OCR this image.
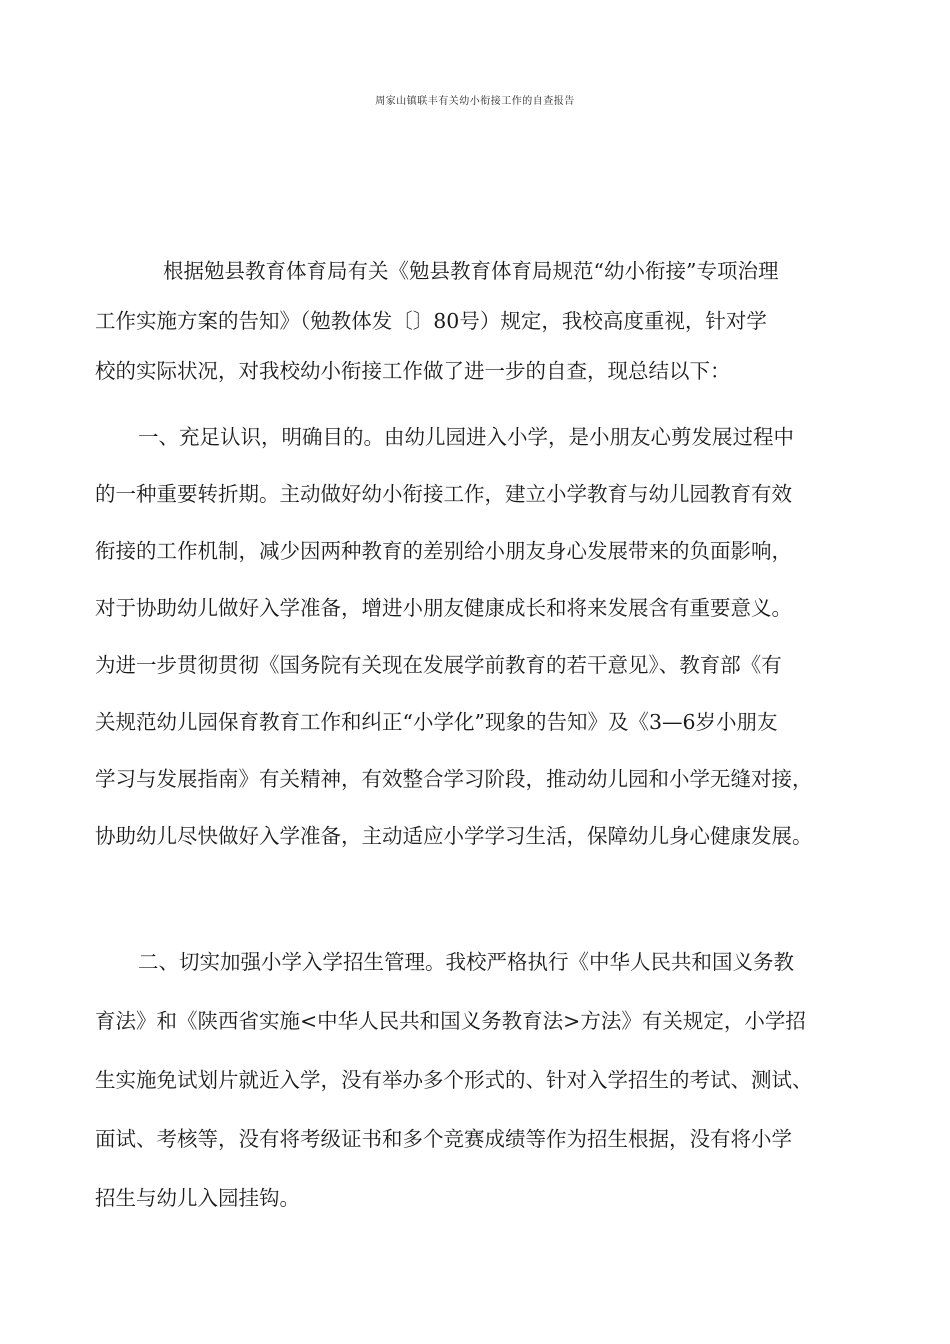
周家山镇联丰有关幼小衔接工作的自查报告
根据勉县教育体育局有关《勉县教育体育局规范“幼小衔接”专项治理
工作实施方案的告知》（勉教体发〔〕80号）规定，我校高度重视，针对学
校的实际状况，对我校幼小衔接工作做了进一步的自查，现总结以下：
一、充足认识，明确目的。由幼儿园进入小学，是小朋友心剪发展过程中
的一种重要转折期。主动做好幼小衔接工作，建立小学教育与幼儿园教育有效
衔接的工作机制，减少因两种教育的差别给小朋友身心发展带来的负面影响，
对于协助幼儿做好入学准备，增进小朋友健康成长和将来发展含有重要意义。
为进一步贯彻贯彻《国务院有关现在发展学前教育的若干意见》、教育部《有
关规范幼儿园保育教育工作和纠正“小学化”现象的告知》及《3—6岁小朋友
学习与发展指南》有关精神，有效整合学习阶段，推动幼儿园和小学无缝对接，
协助幼儿尽快做好入学准备，主动适应小学学习生活，保障幼儿身心健康发展。
二、切实加强小学入学招生管理。我校严格执行《中华人民共和国义务教
育法》和《陕西省实施<中华人民共和国义务教育法>方法》有关规定，小学招
生实施免试划片就近入学，没有举办多个形式的、针对入学招生的考试、测试、
面试、考核等，没有将考级证书和多个竞赛成绩等作为招生根据，没有将小学
招生与幼儿入园挂钩。
